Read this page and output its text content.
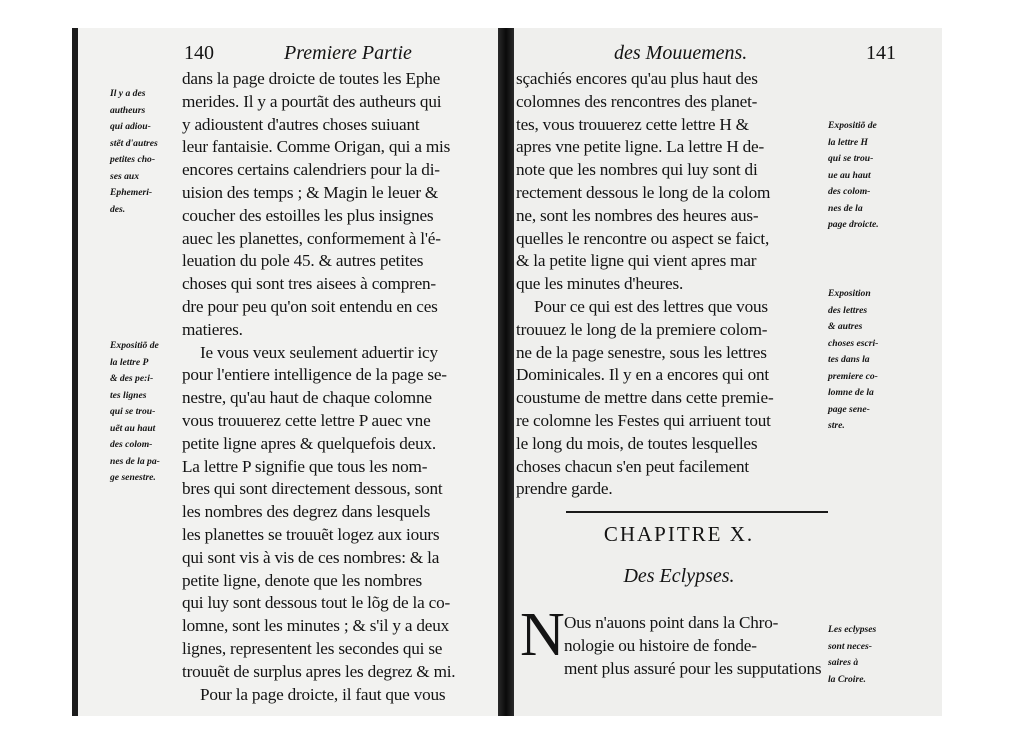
140	Premiere Partie
dans la page droicte de toutes les Ephe
merides. Il y a pourtãt des autheurs qui
y adioustent d'autres choses suiuant
leur fantaisie. Comme Origan, qui a mis
encores certains calendriers pour la di-
uision des temps ; & Magin le leuer &
coucher des estoilles les plus insignes
auec les planettes, conformement à l'é-
leuation du pole 45. & autres petites
choses qui sont tres aisees à compren-
dre pour peu qu'on soit entendu en ces
matieres.
Ie vous veux seulement aduertir icy
pour l'entiere intelligence de la page se-
nestre, qu'au haut de chaque colomne
vous trouuerez cette lettre P auec vne
petite ligne apres & quelquefois deux.
La lettre P signifie que tous les nom-
bres qui sont directement dessous, sont
les nombres des degrez dans lesquels
les planettes se trouuẽt logez aux iours
qui sont vis à vis de ces nombres: & la
petite ligne, denote que les nombres
qui luy sont dessous tout le lõg de la co-
lomne, sont les minutes ; & s'il y a deux
lignes, representent les secondes qui se
trouuẽt de surplus apres les degrez & mi.
Pour la page droicte, il faut que vous
Il y a des
autheurs
qui adiou-
stẽt d'autres
petites cho-
ses aux
Ephemeri-
des.
Expositiõ de
la lettre P
& des pe:i-
tes lignes
qui se trou-
uẽt au haut
des colom-
nes de la pa-
ge senestre.
des Mouuemens.	141
sçachiés encores qu'au plus haut des
colomnes des rencontres des planet-
tes, vous trouuerez cette lettre H &
apres vne petite ligne. La lettre H de-
note que les nombres qui luy sont di
rectement dessous le long de la colom
ne, sont les nombres des heures aus-
quelles le rencontre ou aspect se faict,
& la petite ligne qui vient apres mar
que les minutes d'heures.
Pour ce qui est des lettres que vous
trouuez le long de la premiere colom-
ne de la page senestre, sous les lettres
Dominicales. Il y en a encores qui ont
coustume de mettre dans cette premie-
re colomne les Festes qui arriuent tout
le long du mois, de toutes lesquelles
choses chacun s'en peut facilement
prendre garde.
CHAPITRE X.
Des Eclypses.
N Ous n'auons point dans la Chro-
nologie ou histoire de fonde-
ment plus assuré pour les supputations
Expositiõ de
la lettre H
qui se trou-
ue au haut
des colom-
nes de la
page droicte.
Exposition
des lettres
& autres
choses escri-
tes dans la
premiere co-
lomne de la
page sene-
stre.
Les eclypses
sont neces-
saires à
la Croire.
